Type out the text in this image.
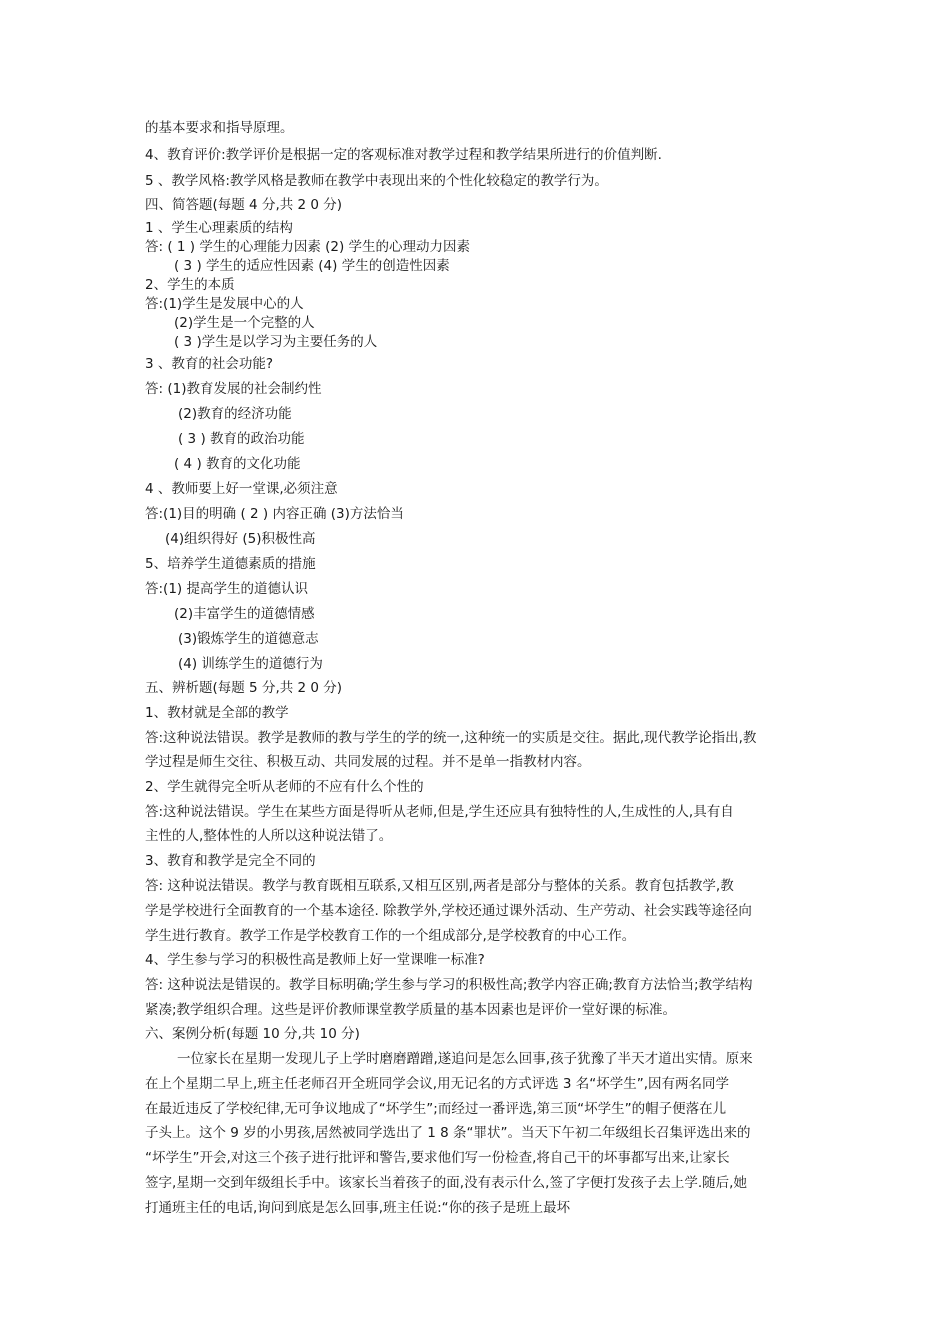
的基本要求和指导原理。
4、教育评价:教学评价是根据一定的客观标准对教学过程和教学结果所进行的价值判断.
5 、教学风格:教学风格是教师在教学中表现出来的个性化较稳定的教学行为。
四、简答题(每题 4 分,共 2 0 分)
1 、学生心理素质的结构
答: ( 1 ) 学生的心理能力因素 (2) 学生的心理动力因素
( 3 ) 学生的适应性因素 (4) 学生的创造性因素
2、学生的本质
答:(1)学生是发展中心的人
(2)学生是一个完整的人
( 3 )学生是以学习为主要任务的人
3 、教育的社会功能?
答: (1)教育发展的社会制约性
(2)教育的经济功能
( 3 ) 教育的政治功能
( 4 ) 教育的文化功能
4 、教师要上好一堂课,必须注意
答:(1)目的明确 ( 2 ) 内容正确 (3)方法恰当
(4)组织得好 (5)积极性高
5、培养学生道德素质的措施
答:(1) 提高学生的道德认识
(2)丰富学生的道德情感
(3)锻炼学生的道德意志
(4) 训练学生的道德行为
五、辨析题(每题 5 分,共 2 0 分)
1、教材就是全部的教学
答:这种说法错误。教学是教师的教与学生的学的统一,这种统一的实质是交往。据此,现代教学论指出,教
学过程是师生交往、积极互动、共同发展的过程。并不是单一指教材内容。
2、学生就得完全听从老师的不应有什么个性的
答:这种说法错误。学生在某些方面是得听从老师,但是,学生还应具有独特性的人,生成性的人,具有自
主性的人,整体性的人所以这种说法错了。
3、教育和教学是完全不同的
答: 这种说法错误。教学与教育既相互联系,又相互区别,两者是部分与整体的关系。教育包括教学,教
学是学校进行全面教育的一个基本途径. 除教学外,学校还通过课外活动、生产劳动、社会实践等途径向
学生进行教育。教学工作是学校教育工作的一个组成部分,是学校教育的中心工作。
4、学生参与学习的积极性高是教师上好一堂课唯一标准?
答: 这种说法是错误的。教学目标明确;学生参与学习的积极性高;教学内容正确;教育方法恰当;教学结构
紧凑;教学组织合理。这些是评价教师课堂教学质量的基本因素也是评价一堂好课的标准。
六、案例分析(每题 10 分,共 10 分)
一位家长在星期一发现儿子上学时磨磨蹭蹭,遂追问是怎么回事,孩子犹豫了半天才道出实情。原来
在上个星期二早上,班主任老师召开全班同学会议,用无记名的方式评选 3 名“坏学生”,因有两名同学
在最近违反了学校纪律,无可争议地成了“坏学生”;而经过一番评选,第三顶“坏学生”的帽子便落在儿
子头上。这个 9 岁的小男孩,居然被同学选出了 1 8 条“罪状”。当天下午初二年级组长召集评选出来的
“坏学生”开会,对这三个孩子进行批评和警告,要求他们写一份检查,将自己干的坏事都写出来,让家长
签字,星期一交到年级组长手中。该家长当着孩子的面,没有表示什么,签了字便打发孩子去上学.随后,她
打通班主任的电话,询问到底是怎么回事,班主任说:“你的孩子是班上最坏
